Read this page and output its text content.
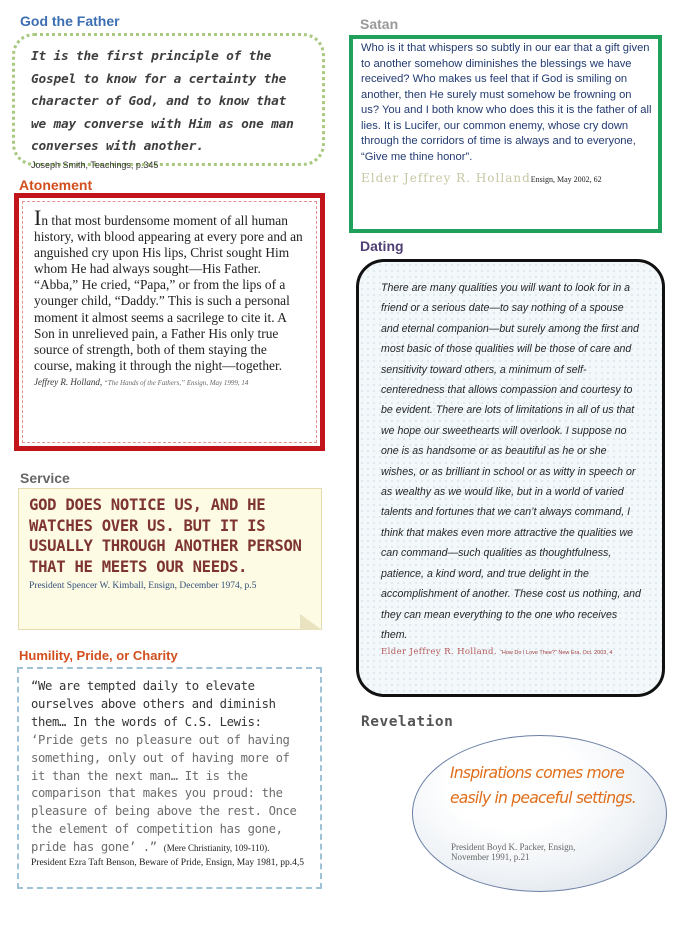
God the Father
It is the first principle of the Gospel to know for a certainty the character of God, and to know that we may converse with Him as one man converses with another.
Joseph Smith, Teachings, p.345
Atonement
In that most burdensome moment of all human history, with blood appearing at every pore and an anguished cry upon His lips, Christ sought Him whom He had always sought—His Father. “Abba,” He cried, “Papa,” or from the lips of a younger child, “Daddy.” This is such a personal moment it almost seems a sacrilege to cite it. A Son in unrelieved pain, a Father His only true source of strength, both of them staying the course, making it through the night—together.
Jeffrey R. Holland, “The Hands of the Fathers,” Ensign, May 1999, 14
Service
GOD DOES NOTICE US, AND HE WATCHES OVER US. BUT IT IS USUALLY THROUGH ANOTHER PERSON THAT HE MEETS OUR NEEDS.
President Spencer W. Kimball, Ensign, December 1974, p.5
Humility, Pride, or Charity
“We are tempted daily to elevate ourselves above others and diminish them… In the words of C.S. Lewis: ‘Pride gets no pleasure out of having something, only out of having more of it than the next man… It is the comparison that makes you proud: the pleasure of being above the rest. Once the element of competition has gone, pride has gone’ .” (Mere Christianity, 109-110).
President Ezra Taft Benson, Beware of Pride, Ensign, May 1981, pp.4,5
Satan
Who is it that whispers so subtly in our ear that a gift given to another somehow diminishes the blessings we have received? Who makes us feel that if God is smiling on another, then He surely must somehow be frowning on us? You and I both know who does this it is the father of all lies. It is Lucifer, our common enemy, whose cry down through the corridors of time is always and to everyone, “Give me thine honor”.
Elder Jeffrey R. HollandEnsign, May 2002, 62
Dating
There are many qualities you will want to look for in a friend or a serious date—to say nothing of a spouse and eternal companion—but surely among the first and most basic of those qualities will be those of care and sensitivity toward others, a minimum of self-centeredness that allows compassion and courtesy to be evident. There are lots of limitations in all of us that we hope our sweethearts will overlook. I suppose no one is as handsome or as beautiful as he or she wishes, or as brilliant in school or as witty in speech or as wealthy as we would like, but in a world of varied talents and fortunes that we can’t always command, I think that makes even more attractive the qualities we can command—such qualities as thoughtfulness, patience, a kind word, and true delight in the accomplishment of another. These cost us nothing, and they can mean everything to the one who receives them.
Elder Jeffrey R. Holland. “How Do I Love Thee?” New Era, Oct. 2003, 4
Revelation

Inspirations comes more easily in peaceful settings.

President Boyd K. Packer, Ensign, November 1991, p.21
